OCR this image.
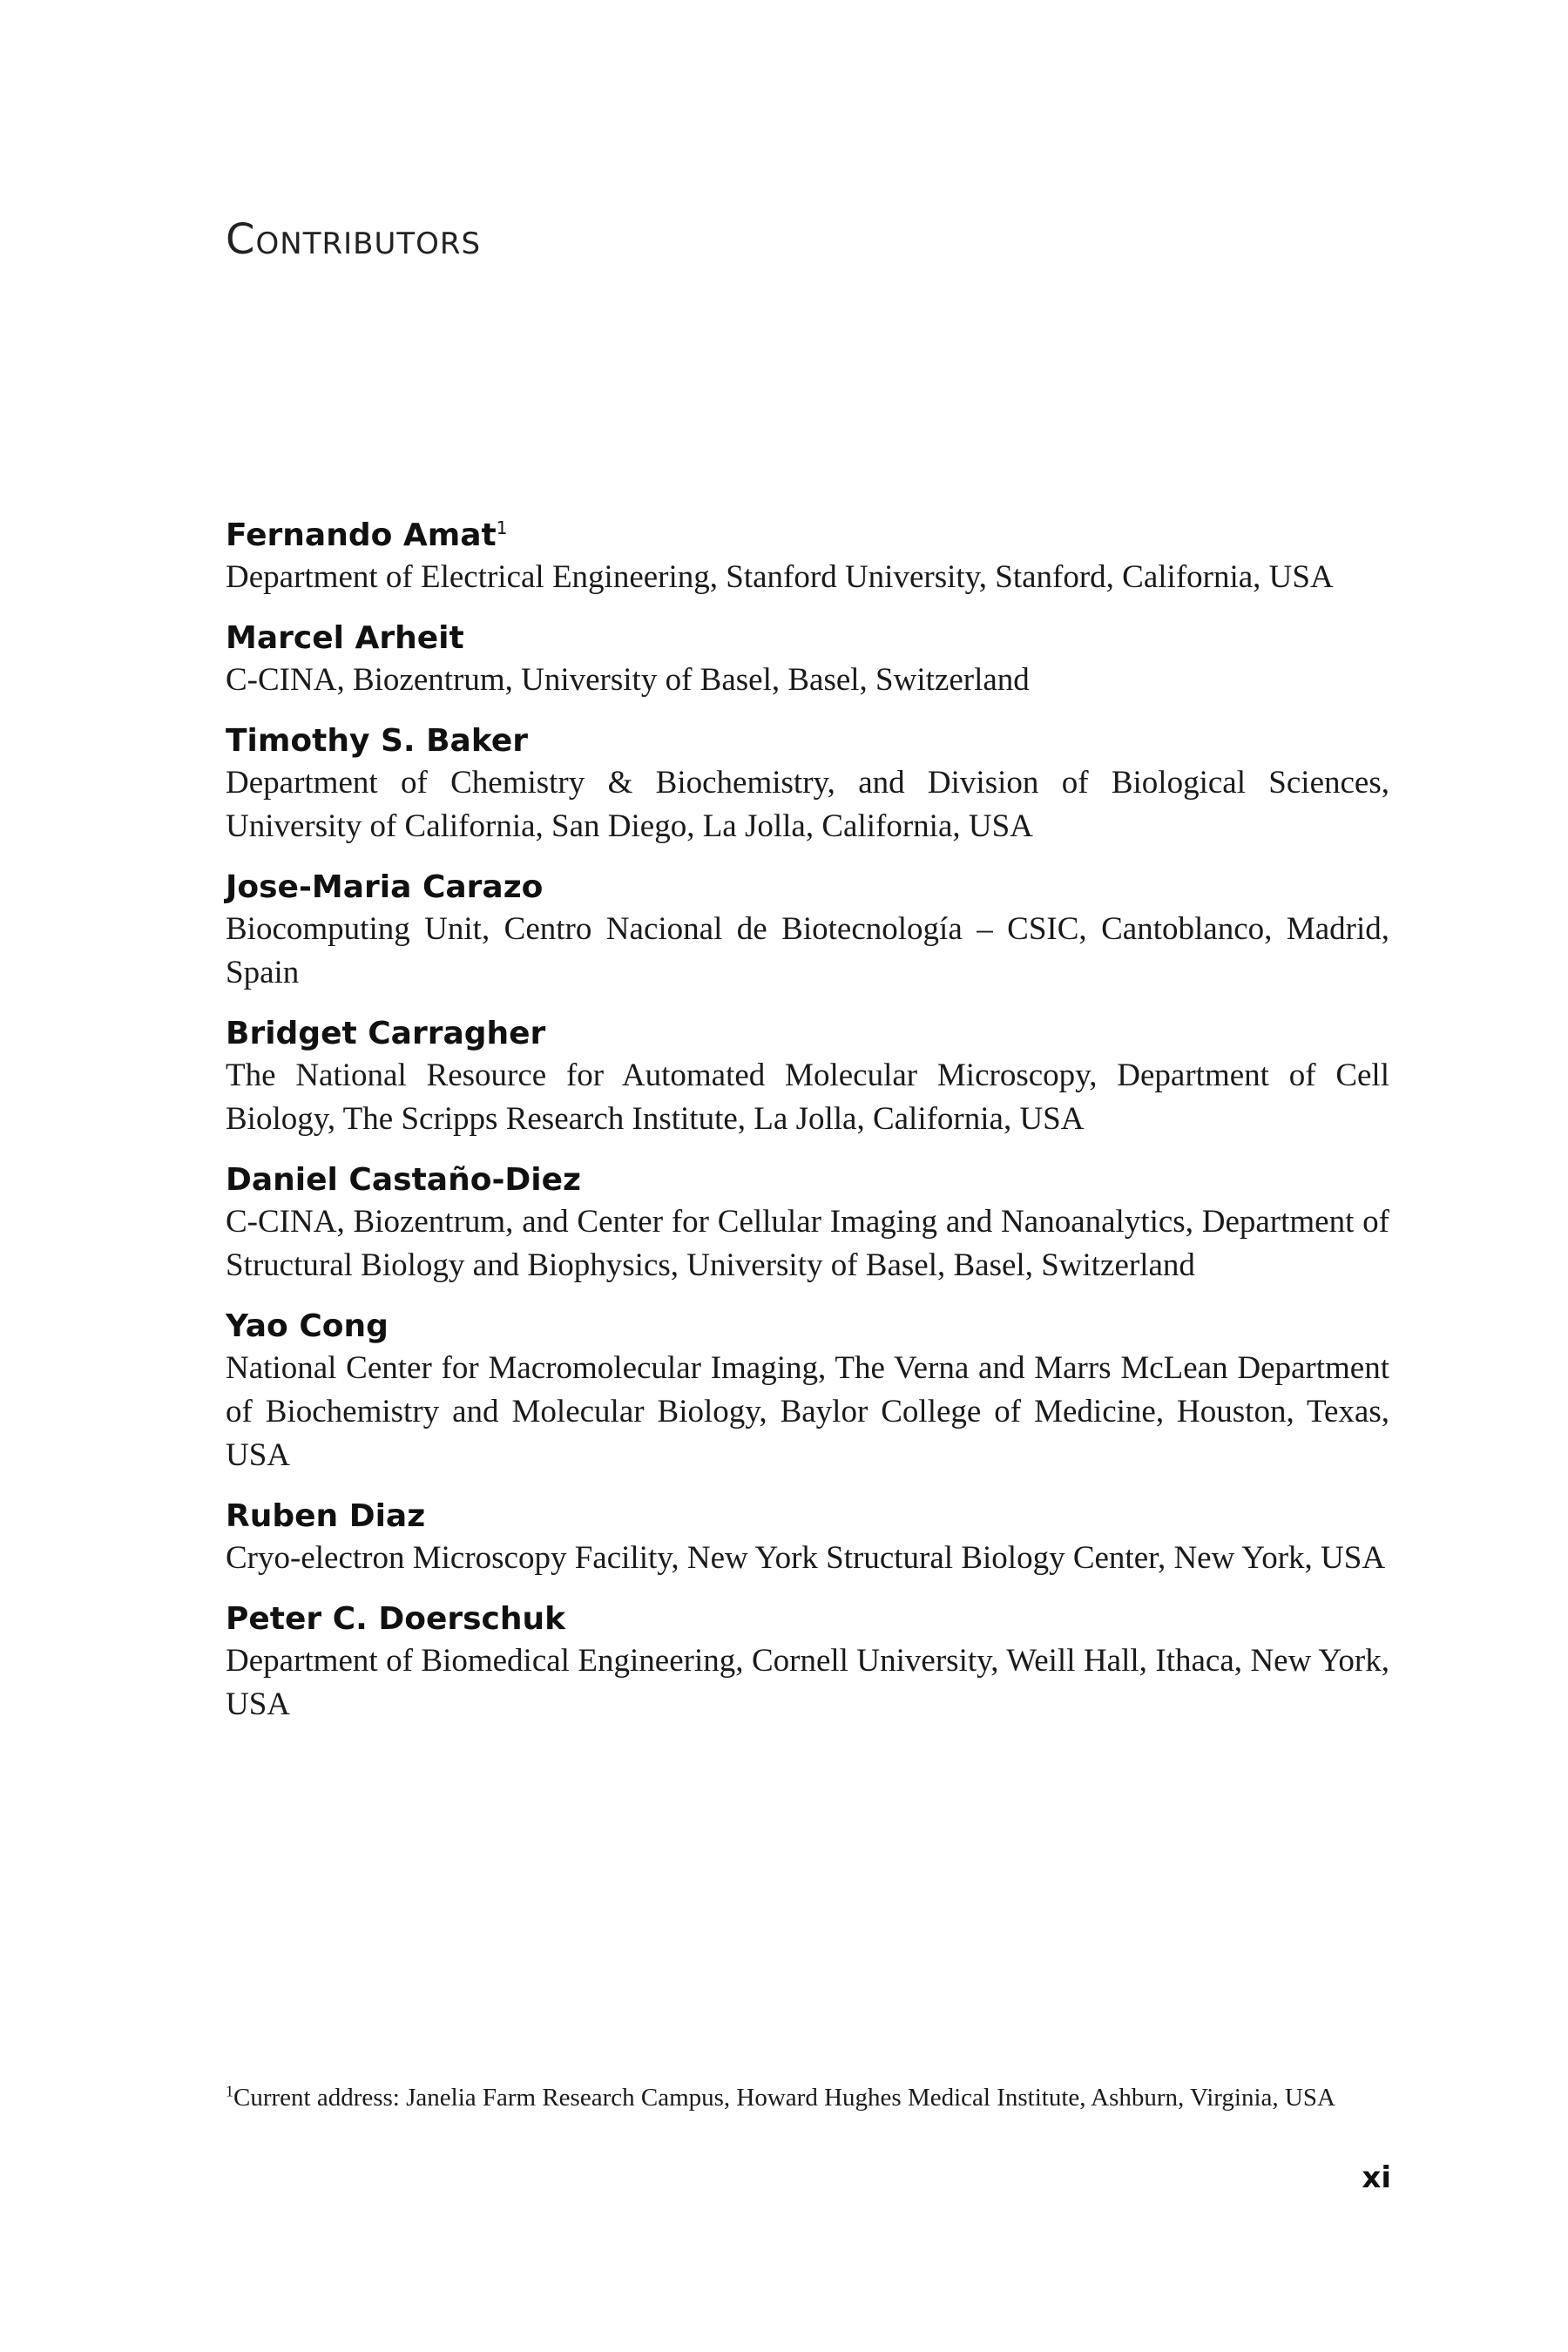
Contributors
Fernando Amat$^1$
Department of Electrical Engineering, Stanford University, Stanford, California, USA
Marcel Arheit
C-CINA, Biozentrum, University of Basel, Basel, Switzerland
Timothy S. Baker
Department of Chemistry & Biochemistry, and Division of Biological Sciences, University of California, San Diego, La Jolla, California, USA
Jose-Maria Carazo
Biocomputing Unit, Centro Nacional de Biotecnología – CSIC, Cantoblanco, Madrid, Spain
Bridget Carragher
The National Resource for Automated Molecular Microscopy, Department of Cell Biology, The Scripps Research Institute, La Jolla, California, USA
Daniel Castaño-Diez
C-CINA, Biozentrum, and Center for Cellular Imaging and Nanoanalytics, Department of Structural Biology and Biophysics, University of Basel, Basel, Switzerland
Yao Cong
National Center for Macromolecular Imaging, The Verna and Marrs McLean Department of Biochemistry and Molecular Biology, Baylor College of Medicine, Houston, Texas, USA
Ruben Diaz
Cryo-electron Microscopy Facility, New York Structural Biology Center, New York, USA
Peter C. Doerschuk
Department of Biomedical Engineering, Cornell University, Weill Hall, Ithaca, New York, USA
$^1$Current address: Janelia Farm Research Campus, Howard Hughes Medical Institute, Ashburn, Virginia, USA
xi
